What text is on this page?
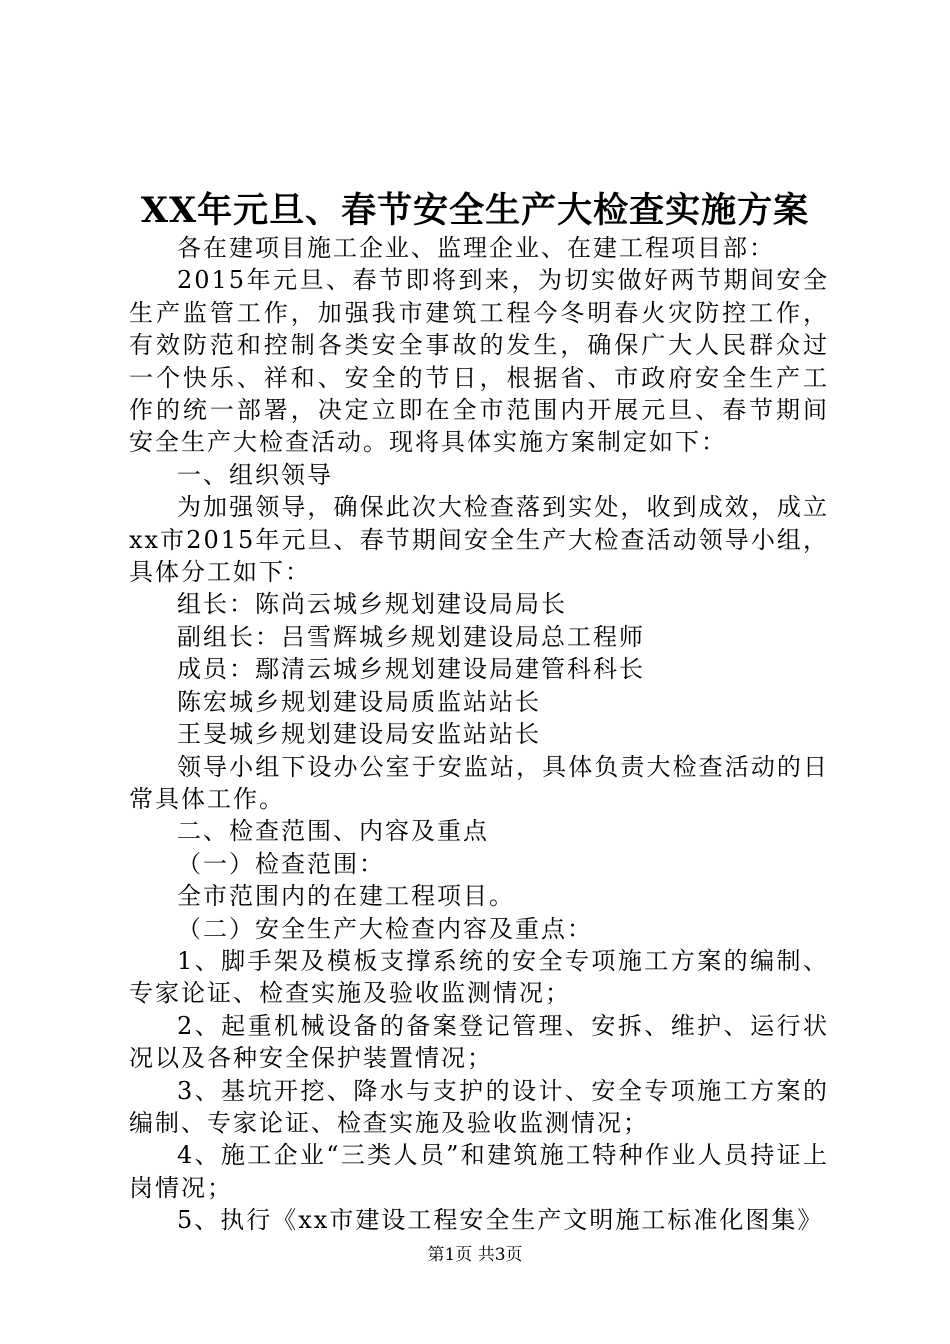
XX年元旦、春节安全生产大检查实施方案

各在建项目施工企业、监理企业、在建工程项目部：

2015年元旦、春节即将到来，为切实做好两节期间安全生产监管工作，加强我市建筑工程今冬明春火灾防控工作，有效防范和控制各类安全事故的发生，确保广大人民群众过一个快乐、祥和、安全的节日，根据省、市政府安全生产工作的统一部署，决定立即在全市范围内开展元旦、春节期间安全生产大检查活动。现将具体实施方案制定如下：

一、组织领导

为加强领导，确保此次大检查落到实处，收到成效，成立xx市2015年元旦、春节期间安全生产大检查活动领导小组，具体分工如下：

组长：陈尚云城乡规划建设局局长

副组长：吕雪辉城乡规划建设局总工程师

成员：鄢清云城乡规划建设局建管科科长

陈宏城乡规划建设局质监站站长

王旻城乡规划建设局安监站站长

领导小组下设办公室于安监站，具体负责大检查活动的日常具体工作。

二、检查范围、内容及重点

（一）检查范围：

全市范围内的在建工程项目。

（二）安全生产大检查内容及重点：

1、脚手架及模板支撑系统的安全专项施工方案的编制、专家论证、检查实施及验收监测情况；

2、起重机械设备的备案登记管理、安拆、维护、运行状况以及各种安全保护装置情况；

3、基坑开挖、降水与支护的设计、安全专项施工方案的编制、专家论证、检查实施及验收监测情况；

4、施工企业“三类人员”和建筑施工特种作业人员持证上岗情况；

5、执行《xx市建设工程安全生产文明施工标准化图集》

第1页 共3页
